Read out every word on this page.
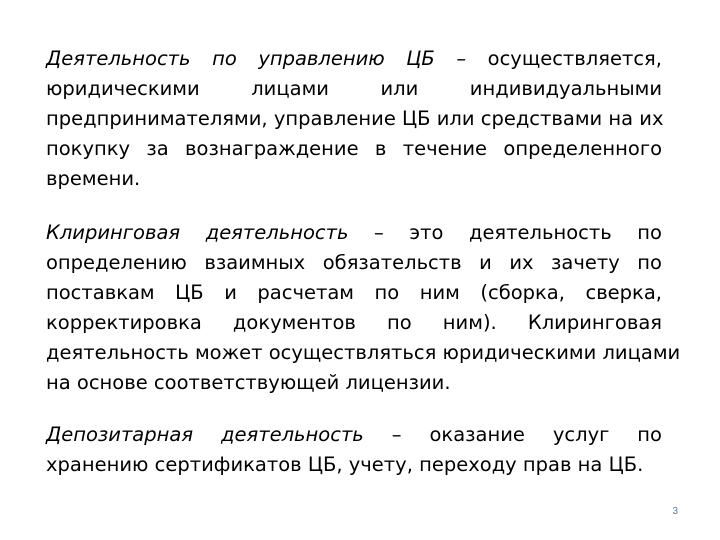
Деятельность по управлению ЦБ – осуществляется,
юридическими лицами или индивидуальными
предпринимателями, управление ЦБ или средствами на их
покупку за вознаграждение в течение определенного
времени.
Клиринговая деятельность – это деятельность по
определению взаимных обязательств и их зачету по
поставкам ЦБ и расчетам по ним (сборка, сверка,
корректировка документов по ним). Клиринговая
деятельность может осуществляться юридическими лицами
на основе соответствующей лицензии.
Депозитарная деятельность – оказание услуг по
хранению сертификатов ЦБ, учету, переходу прав на ЦБ.
3
